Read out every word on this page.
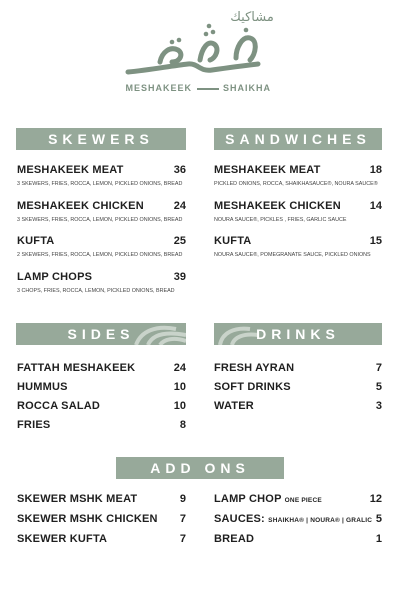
مشاكيك
MESHAKEEK	SHAIKHA
SKEWERS
MESHAKEEK MEAT	36
3 SKEWERS, FRIES, ROCCA, LEMON, PICKLED ONIONS, BREAD
MESHAKEEK CHICKEN	24
3 SKEWERS, FRIES, ROCCA, LEMON, PICKLED ONIONS, BREAD
KUFTA	25
2 SKEWERS, FRIES, ROCCA, LEMON, PICKLED ONIONS, BREAD
LAMP CHOPS	39
3 CHOPS, FRIES, ROCCA, LEMON, PICKLED ONIONS, BREAD
SANDWICHES
MESHAKEEK MEAT	18
PICKLED ONIONS, ROCCA, SHAIKHASAUCE®, NOURA SAUCE®
MESHAKEEK CHICKEN	14
NOURA SAUCE®, PICKLES , FRIES, GARLIC SAUCE
KUFTA	15
NOURA SAUCE®, POMEGRANATE SAUCE, PICKLED ONIONS
SIDES
FATTAH MESHAKEEK	24
HUMMUS	10
ROCCA SALAD	10
FRIES	8
DRINKS
FRESH AYRAN	7
SOFT DRINKS	5
WATER	3
ADD ONS
SKEWER MSHK MEAT	9
SKEWER MSHK CHICKEN	7
SKEWER KUFTA	7
LAMP CHOP ONE PIECE	12
SAUCES: SHAIKHA® | NOURA® | GRALIC 5
BREAD	1
